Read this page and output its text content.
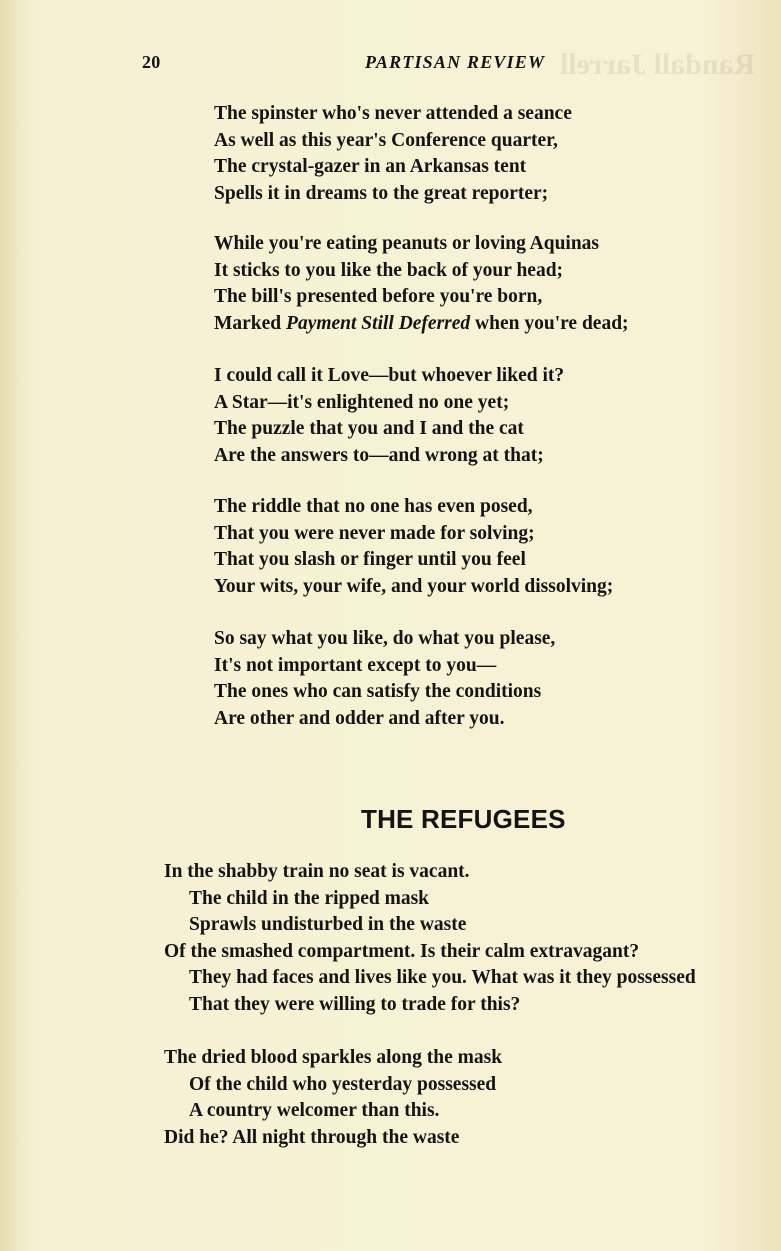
Randall Jarrell
20	PARTISAN REVIEW
The spinster who's never attended a seance
As well as this year's Conference quarter,
The crystal-gazer in an Arkansas tent
Spells it in dreams to the great reporter;
While you're eating peanuts or loving Aquinas
It sticks to you like the back of your head;
The bill's presented before you're born,
Marked Payment Still Deferred when you're dead;
I could call it Love—but whoever liked it?
A Star—it's enlightened no one yet;
The puzzle that you and I and the cat
Are the answers to—and wrong at that;
The riddle that no one has even posed,
That you were never made for solving;
That you slash or finger until you feel
Your wits, your wife, and your world dissolving;
So say what you like, do what you please,
It's not important except to you—
The ones who can satisfy the conditions
Are other and odder and after you.
THE REFUGEES
In the shabby train no seat is vacant.
The child in the ripped mask
Sprawls undisturbed in the waste
Of the smashed compartment. Is their calm extravagant?
They had faces and lives like you. What was it they possessed
That they were willing to trade for this?
The dried blood sparkles along the mask
Of the child who yesterday possessed
A country welcomer than this.
Did he? All night through the waste
